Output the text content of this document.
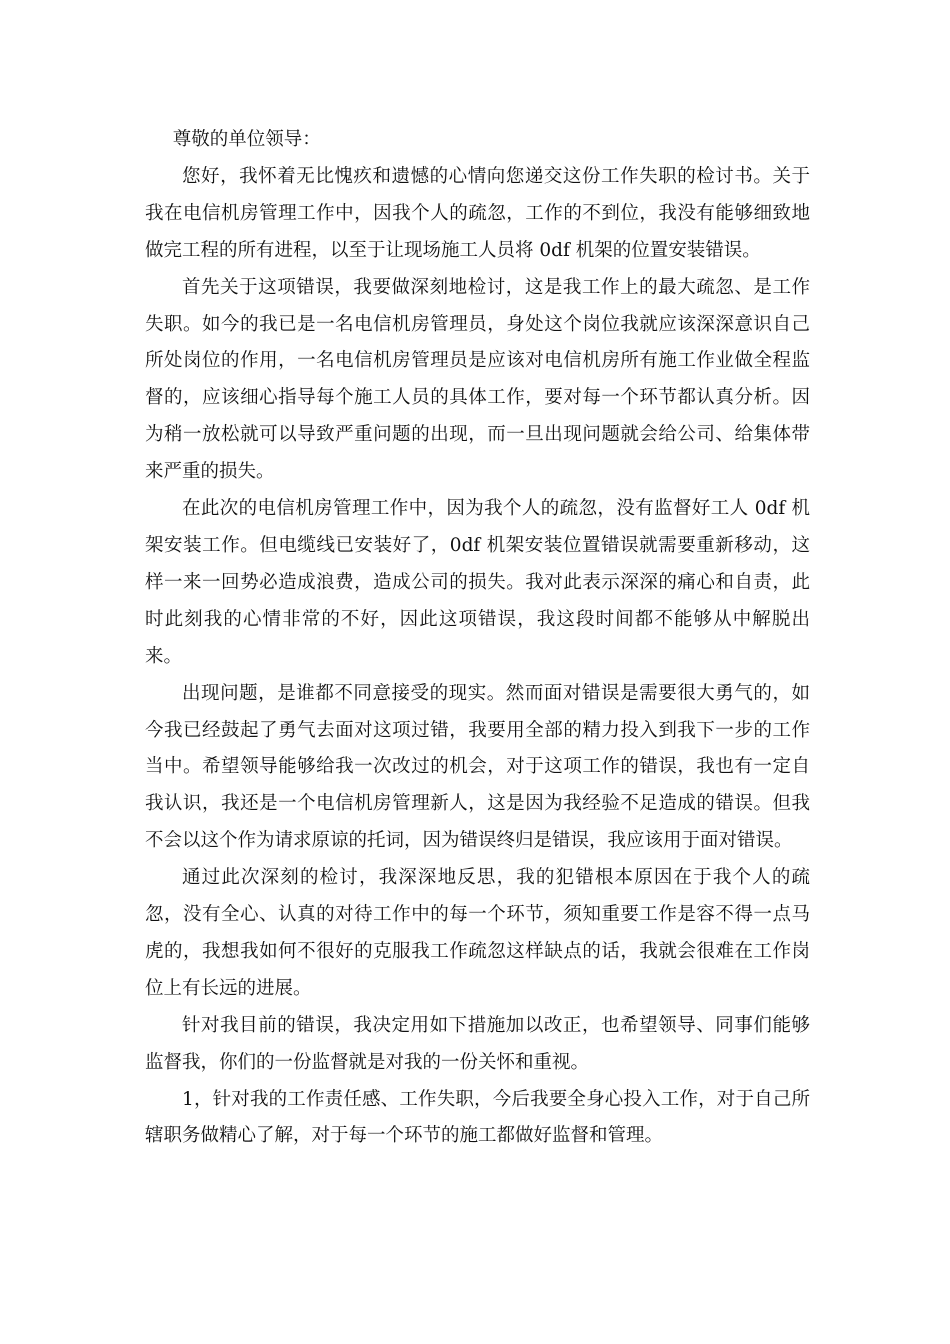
尊敬的单位领导：

您好，我怀着无比愧疚和遗憾的心情向您递交这份工作失职的检讨书。关于我在电信机房管理工作中，因我个人的疏忽，工作的不到位，我没有能够细致地做完工程的所有进程，以至于让现场施工人员将 0df 机架的位置安装错误。

首先关于这项错误，我要做深刻地检讨，这是我工作上的最大疏忽、是工作失职。如今的我已是一名电信机房管理员，身处这个岗位我就应该深深意识自己所处岗位的作用，一名电信机房管理员是应该对电信机房所有施工作业做全程监督的，应该细心指导每个施工人员的具体工作，要对每一个环节都认真分析。因为稍一放松就可以导致严重问题的出现，而一旦出现问题就会给公司、给集体带来严重的损失。

在此次的电信机房管理工作中，因为我个人的疏忽，没有监督好工人 0df 机架安装工作。但电缆线已安装好了，0df 机架安装位置错误就需要重新移动，这样一来一回势必造成浪费，造成公司的损失。我对此表示深深的痛心和自责，此时此刻我的心情非常的不好，因此这项错误，我这段时间都不能够从中解脱出来。

出现问题，是谁都不同意接受的现实。然而面对错误是需要很大勇气的，如今我已经鼓起了勇气去面对这项过错，我要用全部的精力投入到我下一步的工作当中。希望领导能够给我一次改过的机会，对于这项工作的错误，我也有一定自我认识，我还是一个电信机房管理新人，这是因为我经验不足造成的错误。但我不会以这个作为请求原谅的托词，因为错误终归是错误，我应该用于面对错误。

通过此次深刻的检讨，我深深地反思，我的犯错根本原因在于我个人的疏忽，没有全心、认真的对待工作中的每一个环节，须知重要工作是容不得一点马虎的，我想我如何不很好的克服我工作疏忽这样缺点的话，我就会很难在工作岗位上有长远的进展。

针对我目前的错误，我决定用如下措施加以改正，也希望领导、同事们能够监督我，你们的一份监督就是对我的一份关怀和重视。

1，针对我的工作责任感、工作失职，今后我要全身心投入工作，对于自己所辖职务做精心了解，对于每一个环节的施工都做好监督和管理。
